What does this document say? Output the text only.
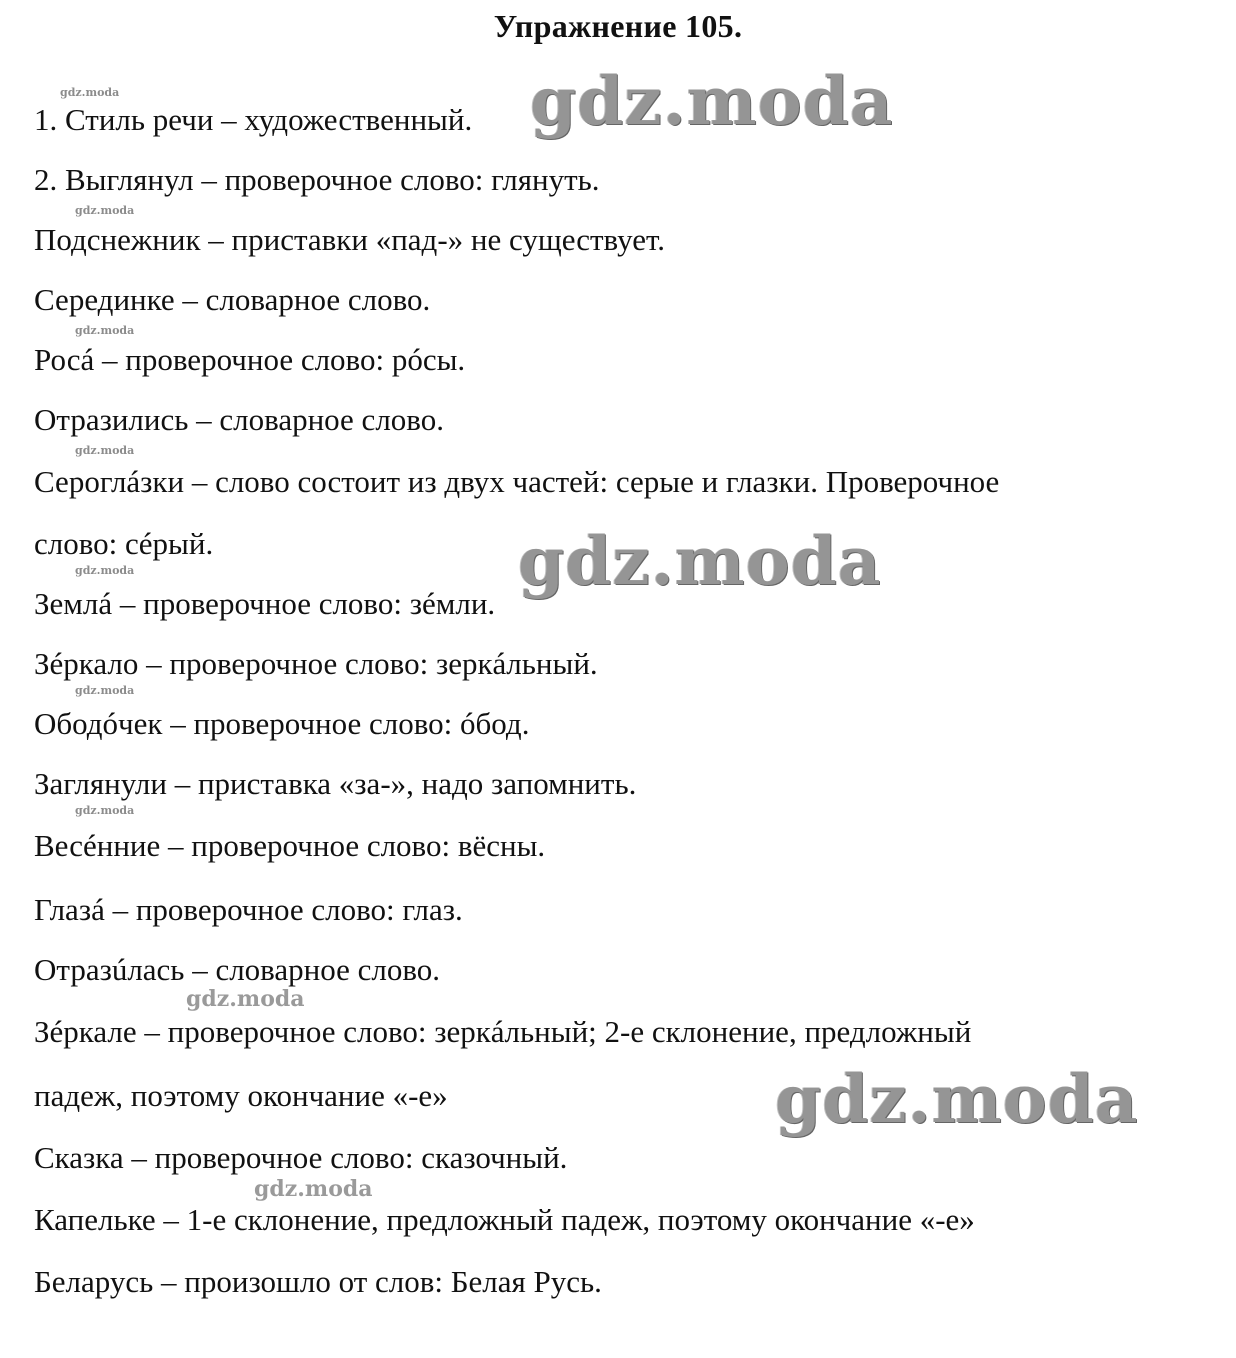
Упражнение 105.
1. Стиль речи – художественный.
2. Выглянул – проверочное слово: глянуть.
Подснежник – приставки «пад-» не существует.
Серединке – словарное слово.
Росá – проверочное слово: рóсы.
Отразились – словарное слово.
Сероглáзки – слово состоит из двух частей: серые и глазки. Проверочное
слово: сéрый.
Землá – проверочное слово: зéмли.
Зéркало – проверочное слово: зеркáльный.
Ободóчек – проверочное слово: óбод.
Заглянули – приставка «за-», надо запомнить.
Весéнние – проверочное слово: вёсны.
Глазá – проверочное слово: глаз.
Отразúлась – словарное слово.
Зéркале – проверочное слово: зеркáльный; 2-е склонение, предложный
падеж, поэтому окончание «-е»
Сказка – проверочное слово: сказочный.
Капельке – 1-е склонение, предложный падеж, поэтому окончание «-е»
Беларусь – произошло от слов: Белая Русь.
gdz.moda
gdz.moda
gdz.moda
gdz.moda
gdz.moda
gdz.moda
gdz.moda
gdz.moda
gdz.moda
gdz.moda
gdz.moda
gdz.moda
